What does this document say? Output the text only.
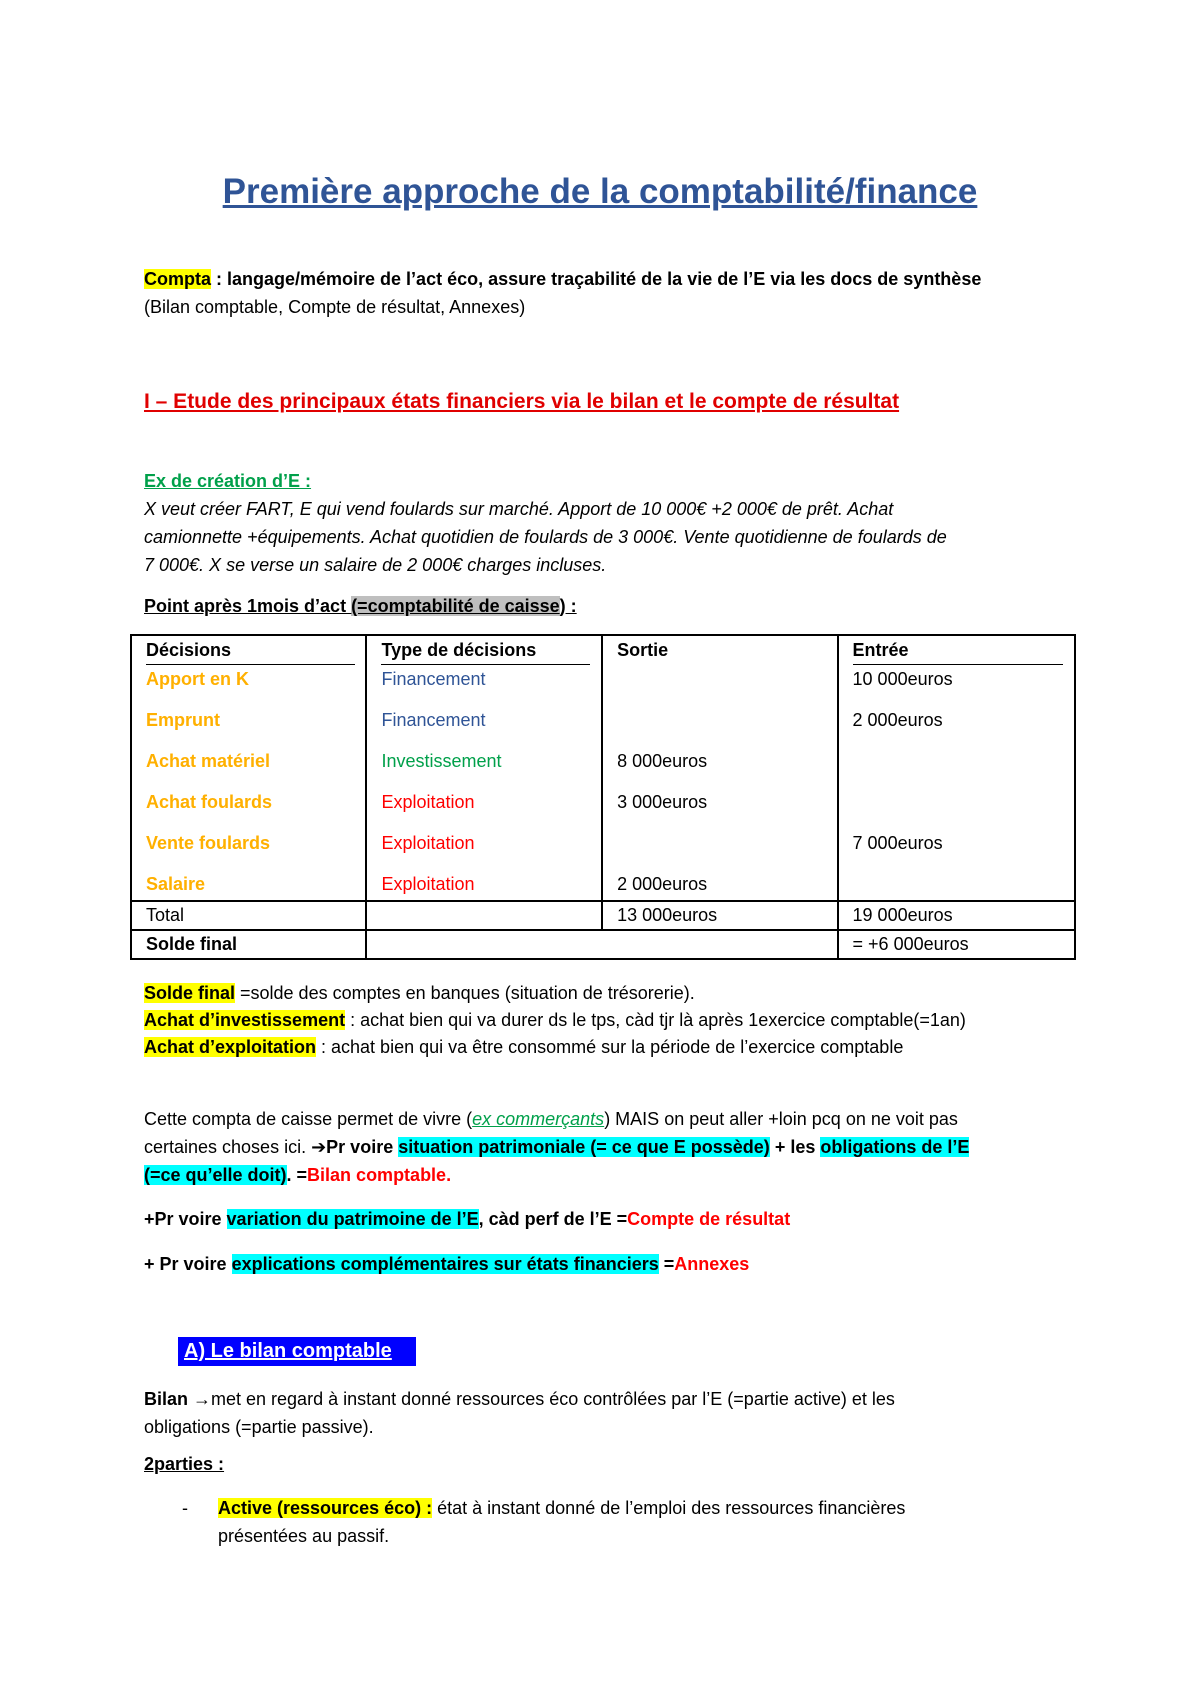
Première approche de la comptabilité/finance
Compta : langage/mémoire de l’act éco, assure traçabilité de la vie de l’E via les docs de synthèse
(Bilan comptable, Compte de résultat, Annexes)
I – Etude des principaux états financiers via le bilan et le compte de résultat
Ex de création d’E :
X veut créer FART, E qui vend foulards sur marché. Apport de 10 000€ +2 000€ de prêt. Achat
camionnette +équipements. Achat quotidien de foulards de 3 000€. Vente quotidienne de foulards de
7 000€. X se verse un salaire de 2 000€ charges incluses.
Point après 1mois d’act (=comptabilité de caisse) :
Décisions	Type de décisions	Sortie	Entrée
Apport en K	Financement		10 000euros
Emprunt	Financement		2 000euros
Achat matériel	Investissement	8 000euros	
Achat foulards	Exploitation	3 000euros	
Vente foulards	Exploitation		7 000euros
Salaire	Exploitation	2 000euros	
Total		13 000euros	19 000euros
Solde final			= +6 000euros
Solde final =solde des comptes en banques (situation de trésorerie).
Achat d’investissement : achat bien qui va durer ds le tps, càd tjr là après 1exercice comptable(=1an)
Achat d’exploitation : achat bien qui va être consommé sur la période de l’exercice comptable
Cette compta de caisse permet de vivre (ex commerçants) MAIS on peut aller +loin pcq on ne voit pas
certaines choses ici. ➔Pr voire situation patrimoniale (= ce que E possède) + les obligations de l’E
(=ce qu’elle doit). =Bilan comptable.
+Pr voire variation du patrimoine de l’E, càd perf de l’E =Compte de résultat
+ Pr voire explications complémentaires sur états financiers =Annexes
A) Le bilan comptable
Bilan →met en regard à instant donné ressources éco contrôlées par l’E (=partie active) et les
obligations (=partie passive).
2parties :
- Active (ressources éco) : état à instant donné de l’emploi des ressources financières
présentées au passif.
